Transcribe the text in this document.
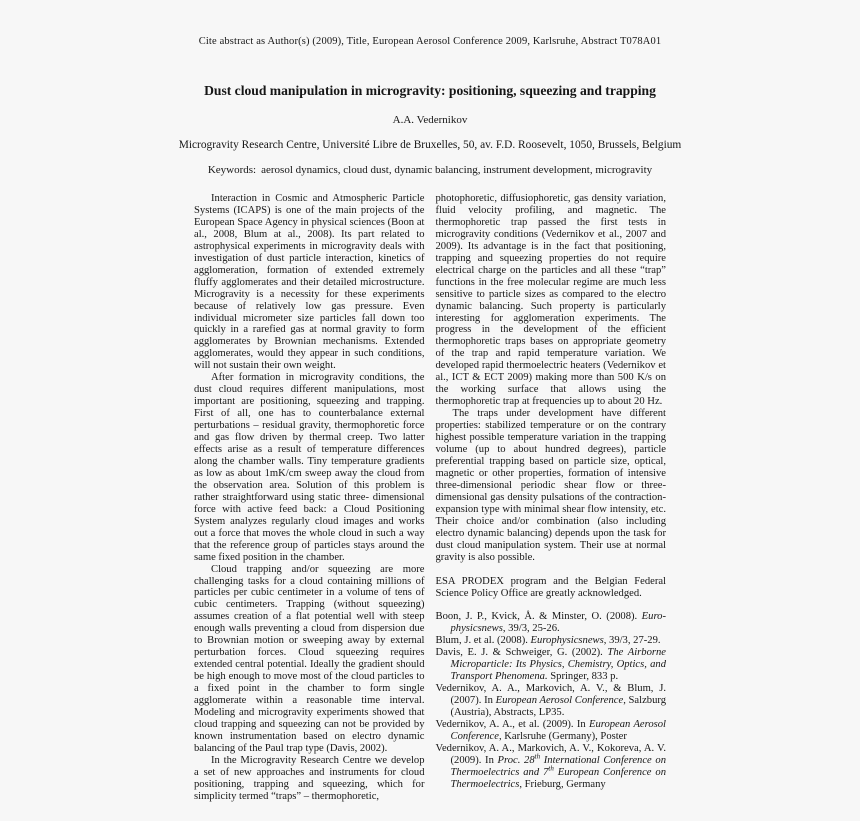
Cite abstract as Author(s) (2009), Title, European Aerosol Conference 2009, Karlsruhe, Abstract T078A01
Dust cloud manipulation in microgravity: positioning, squeezing and trapping
A.A. Vedernikov
Microgravity Research Centre, Université Libre de Bruxelles, 50, av. F.D. Roosevelt, 1050, Brussels, Belgium
Keywords: aerosol dynamics, cloud dust, dynamic balancing, instrument development, microgravity

Interaction in Cosmic and Atmospheric Particle Systems (ICAPS) is one of the main projects of the European Space Agency in physical sciences (Boon at al., 2008, Blum at al., 2008). Its part related to astrophysical experiments in microgravity deals with investigation of dust particle interaction, kinetics of agglomeration, formation of extended extremely fluffy agglomerates and their detailed microstructure. Microgravity is a necessity for these experiments because of relatively low gas pressure. Even individual micrometer size particles fall down too quickly in a rarefied gas at normal gravity to form agglomerates by Brownian mechanisms. Extended agglomerates, would they appear in such conditions, will not sustain their own weight.

After formation in microgravity conditions, the dust cloud requires different manipulations, most important are positioning, squeezing and trapping. First of all, one has to counterbalance external perturbations – residual gravity, thermophoretic force and gas flow driven by thermal creep. Two latter effects arise as a result of temperature differences along the chamber walls. Tiny temperature gradients as low as about 1mK/cm sweep away the cloud from the observation area. Solution of this problem is rather straightforward using static three- dimensional force with active feed back: a Cloud Positioning System analyzes regularly cloud images and works out a force that moves the whole cloud in such a way that the reference group of particles stays around the same fixed position in the chamber.

Cloud trapping and/or squeezing are more challenging tasks for a cloud containing millions of particles per cubic centimeter in a volume of tens of cubic centimeters. Trapping (without squeezing) assumes creation of a flat potential well with steep enough walls preventing a cloud from dispersion due to Brownian motion or sweeping away by external perturbation forces. Cloud squeezing requires extended central potential. Ideally the gradient should be high enough to move most of the cloud particles to a fixed point in the chamber to form single agglomerate within a reasonable time interval. Modeling and microgravity experiments showed that cloud trapping and squeezing can not be provided by known instrumentation based on electro dynamic balancing of the Paul trap type (Davis, 2002).

In the Microgravity Research Centre we develop a set of new approaches and instruments for cloud positioning, trapping and squeezing, which for simplicity termed “traps” – thermophoretic,

photophoretic, diffusiophoretic, gas density variation, fluid velocity profiling, and magnetic. The thermophoretic trap passed the first tests in microgravity conditions (Vedernikov et al., 2007 and 2009). Its advantage is in the fact that positioning, trapping and squeezing properties do not require electrical charge on the particles and all these “trap” functions in the free molecular regime are much less sensitive to particle sizes as compared to the electro dynamic balancing. Such property is particularly interesting for agglomeration experiments. The progress in the development of the efficient thermophoretic traps bases on appropriate geometry of the trap and rapid temperature variation. We developed rapid thermoelectric heaters (Vedernikov et al., ICT & ECT 2009) making more than 500 K/s on the working surface that allows using the thermophoretic trap at frequencies up to about 20 Hz.

The traps under development have different properties: stabilized temperature or on the contrary highest possible temperature variation in the trapping volume (up to about hundred degrees), particle preferential trapping based on particle size, optical, magnetic or other properties, formation of intensive three-dimensional periodic shear flow or three-dimensional gas density pulsations of the contraction-expansion type with minimal shear flow intensity, etc. Their choice and/or combination (also including electro dynamic balancing) depends upon the task for dust cloud manipulation system. Their use at normal gravity is also possible.

ESA PRODEX program and the Belgian Federal Science Policy Office are greatly acknowledged.

Boon, J. P., Kvick, Å. & Minster, O. (2008). Euro-physicsnews, 39/3, 25-26.
Blum, J. et al. (2008). Europhysicsnews, 39/3, 27-29.
Davis, E. J. & Schweiger, G. (2002). The Airborne Microparticle: Its Physics, Chemistry, Optics, and Transport Phenomena. Springer, 833 p.
Vedernikov, A. A., Markovich, A. V., & Blum, J. (2007). In European Aerosol Conference, Salzburg (Austria), Abstracts, LP35.
Vedernikov, A. A., et al. (2009). In European Aerosol Conference, Karlsruhe (Germany), Poster
Vedernikov, A. A., Markovich, A. V., Kokoreva, A. V. (2009). In Proc. 28th International Conference on Thermoelectrics and 7th European Conference on Thermoelectrics, Frieburg, Germany
